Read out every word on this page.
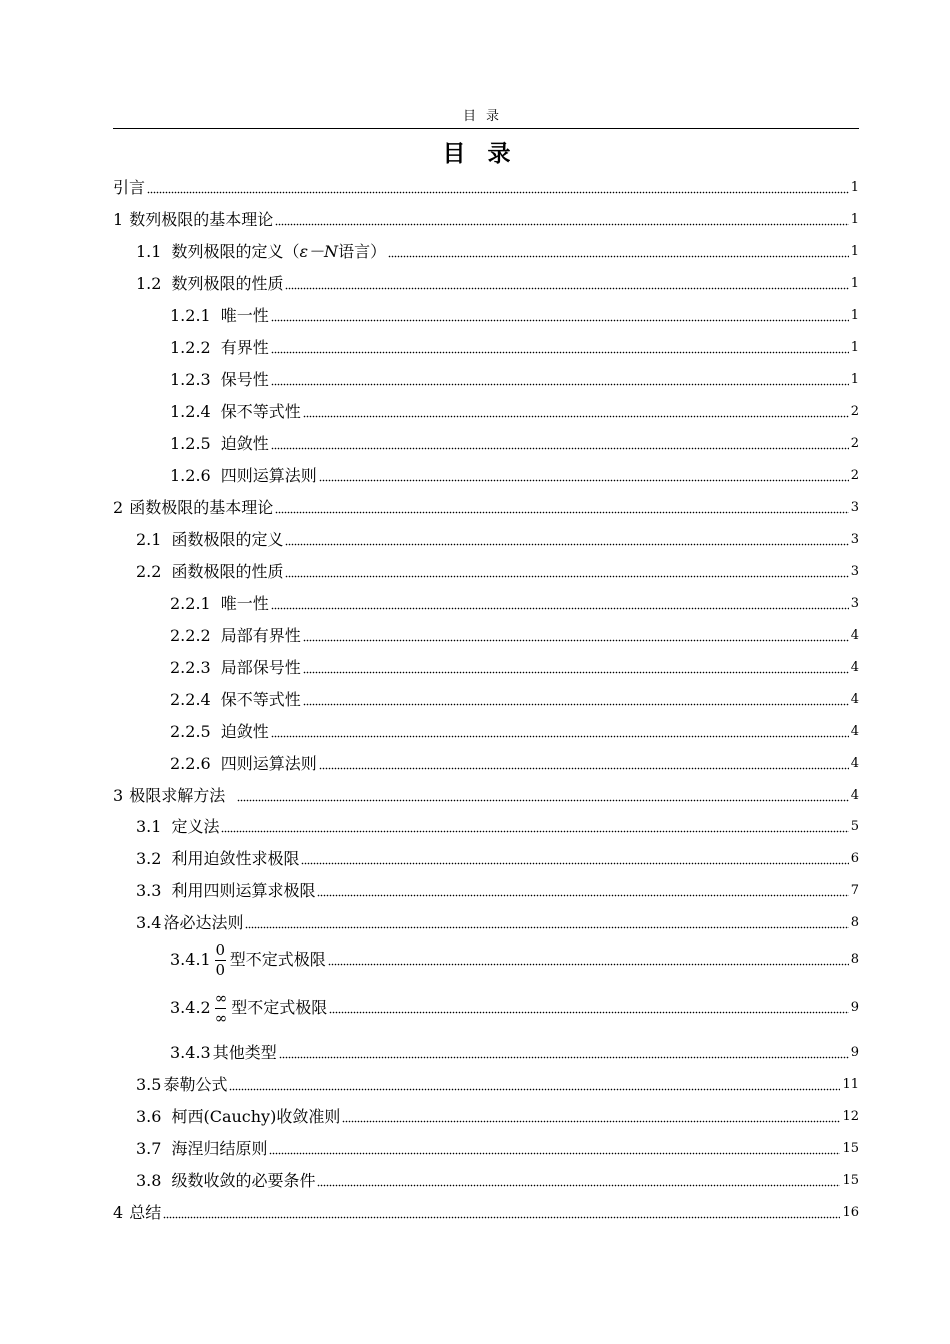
目录
目录
引言	1
1 数列极限的基本理论	1
1.1 数列极限的定义（ ε－N 语言）	1
1.2 数列极限的性质	1
1.2.1 唯一性	1
1.2.2 有界性	1
1.2.3 保号性	1
1.2.4 保不等式性	2
1.2.5 迫敛性	2
1.2.6 四则运算法则	2
2 函数极限的基本理论	3
2.1 函数极限的定义	3
2.2 函数极限的性质	3
2.2.1 唯一性	3
2.2.2 局部有界性	4
2.2.3 局部保号性	4
2.2.4 保不等式性	4
2.2.5 迫敛性	4
2.2.6 四则运算法则	4
3 极限求解方法	4
3.1 定义法	5
3.2 利用迫敛性求极限	6
3.3 利用四则运算求极限	7
3.4 洛必达法则	8
$3.4.1 \frac{0}{0}$ 型不定式极限	8
$3.4.2 \frac{\infty}{\infty}$ 型不定式极限	9
3.4.3 其他类型	9
3.5 泰勒公式	11
3.6 柯西(Cauchy)收敛准则	12
3.7 海涅归结原则	15
3.8 级数收敛的必要条件	15
4 总结	16
